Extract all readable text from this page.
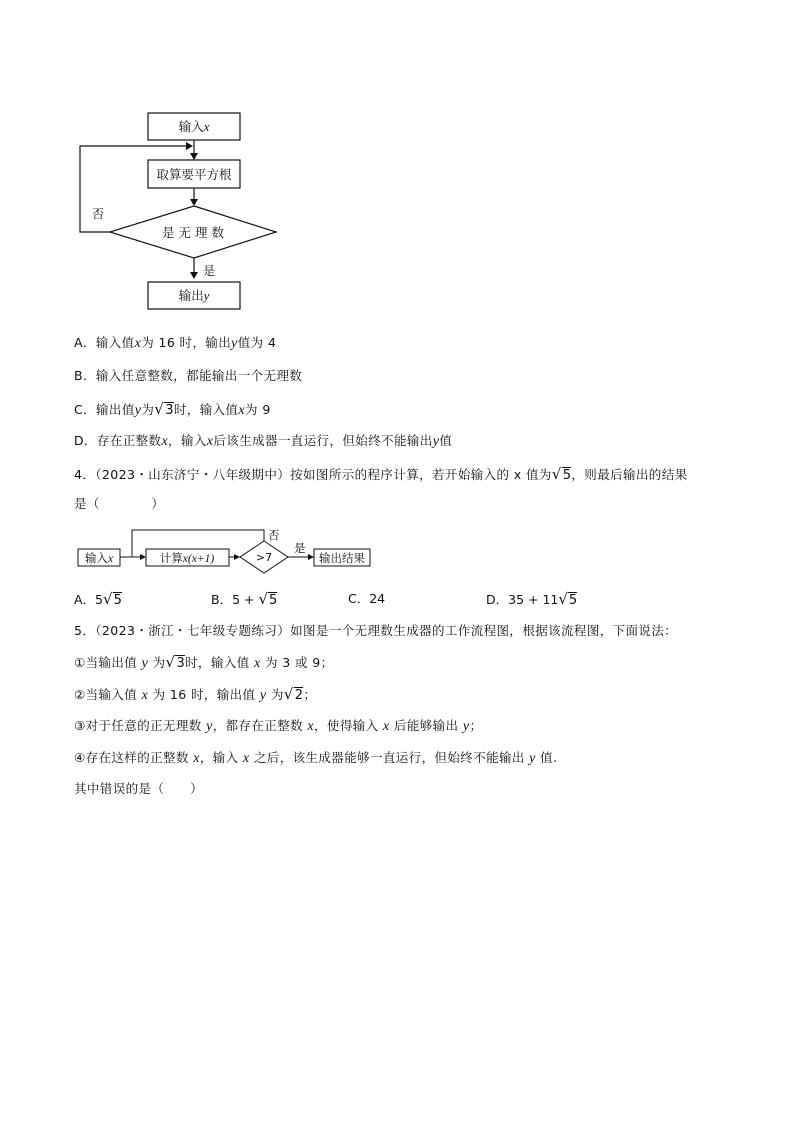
输入x
取算要平方根
是 无 理 数
否
是
输出y
A．输入值x为 16 时，输出y值为 4
B．输入任意整数，都能输出一个无理数
C．输出值y为√3时，输入值x为 9
D．存在正整数x，输入x后该生成器一直运行，但始终不能输出y值
4．（2023・山东济宁・八年级期中）按如图所示的程序计算，若开始输入的 x 值为√5，则最后输出的结果
是（　　　　）
输入x	计算x(x+1)	>7
否
是
输出结果
A．5√5	B．5 + √5	C．24	D．35 + 11√5
5．（2023・浙江・七年级专题练习）如图是一个无理数生成器的工作流程图，根据该流程图，下面说法：
①当输出值 y 为√3时，输入值 x 为 3 或 9；
②当输入值 x 为 16 时，输出值 y 为√2；
③对于任意的正无理数 y，都存在正整数 x，使得输入 x 后能够输出 y；
④存在这样的正整数 x，输入 x 之后，该生成器能够一直运行，但始终不能输出 y 值.
其中错误的是（　　）
